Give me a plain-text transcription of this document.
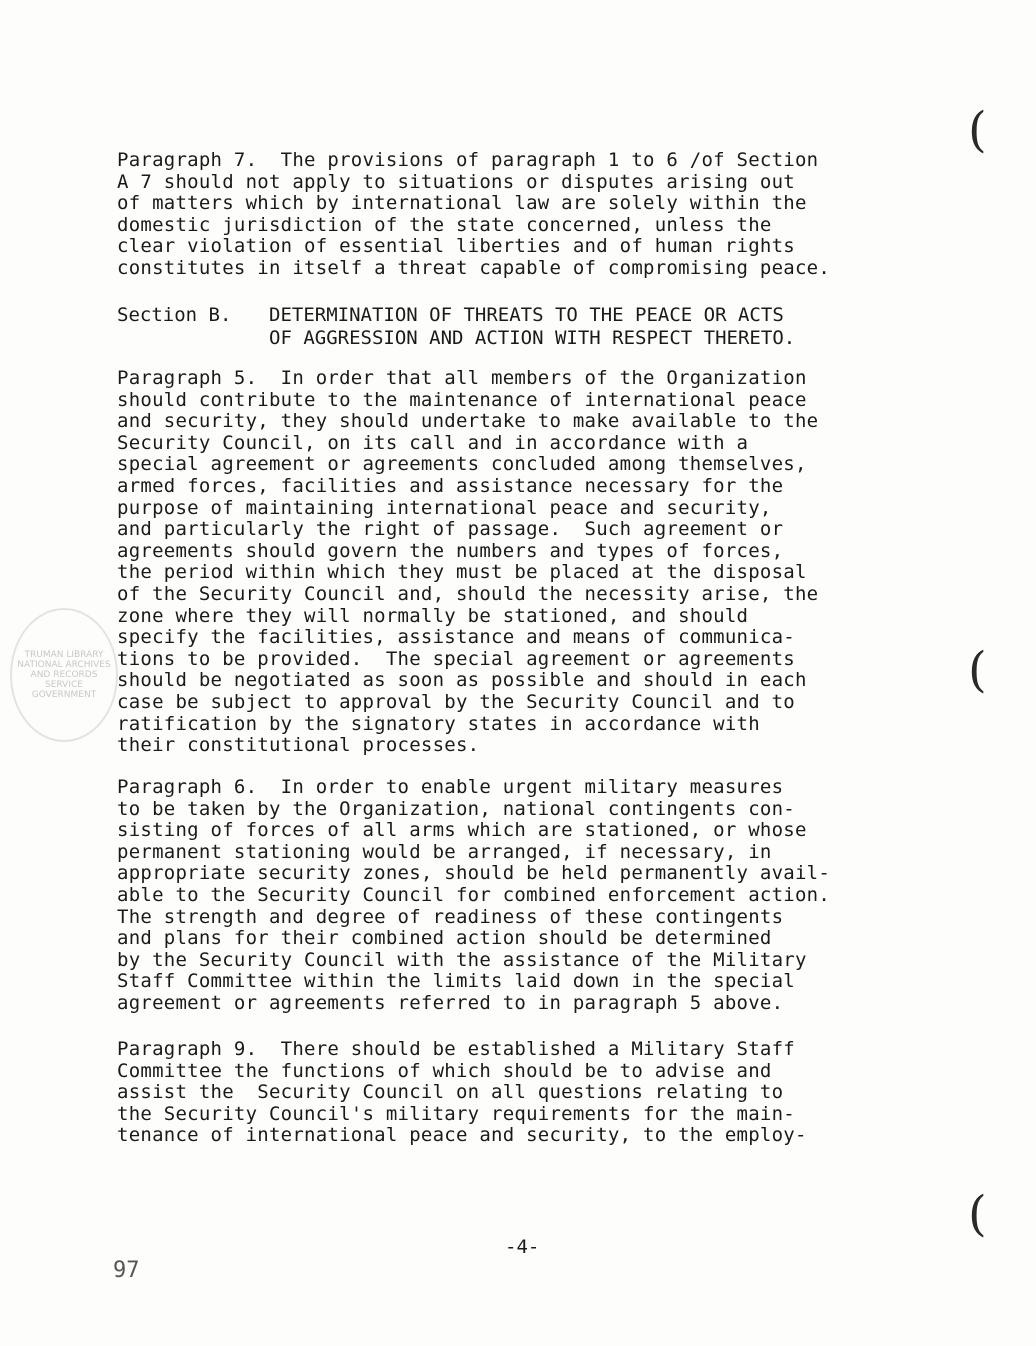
(
(
(
Paragraph 7.  The provisions of paragraph 1 to 6 /of Section
A 7 should not apply to situations or disputes arising out
of matters which by international law are solely within the
domestic jurisdiction of the state concerned, unless the
clear violation of essential liberties and of human rights
constitutes in itself a threat capable of compromising peace.
Section B. DETERMINATION OF THREATS TO THE PEACE OR ACTS
OF AGGRESSION AND ACTION WITH RESPECT THERETO.
Paragraph 5.  In order that all members of the Organization
should contribute to the maintenance of international peace
and security, they should undertake to make available to the
Security Council, on its call and in accordance with a
special agreement or agreements concluded among themselves,
armed forces, facilities and assistance necessary for the
purpose of maintaining international peace and security,
and particularly the right of passage.  Such agreement or
agreements should govern the numbers and types of forces,
the period within which they must be placed at the disposal
of the Security Council and, should the necessity arise, the
zone where they will normally be stationed, and should
specify the facilities, assistance and means of communica-
tions to be provided.  The special agreement or agreements
should be negotiated as soon as possible and should in each
case be subject to approval by the Security Council and to
ratification by the signatory states in accordance with
their constitutional processes.
TRUMAN LIBRARY NATIONAL ARCHIVES AND RECORDS SERVICE GOVERNMENT
Paragraph 6.  In order to enable urgent military measures
to be taken by the Organization, national contingents con-
sisting of forces of all arms which are stationed, or whose
permanent stationing would be arranged, if necessary, in
appropriate security zones, should be held permanently avail-
able to the Security Council for combined enforcement action.
The strength and degree of readiness of these contingents
and plans for their combined action should be determined
by the Security Council with the assistance of the Military
Staff Committee within the limits laid down in the special
agreement or agreements referred to in paragraph 5 above.
Paragraph 9.  There should be established a Military Staff
Committee the functions of which should be to advise and
assist the  Security Council on all questions relating to
the Security Council's military requirements for the main-
tenance of international peace and security, to the employ-
-4-
97
